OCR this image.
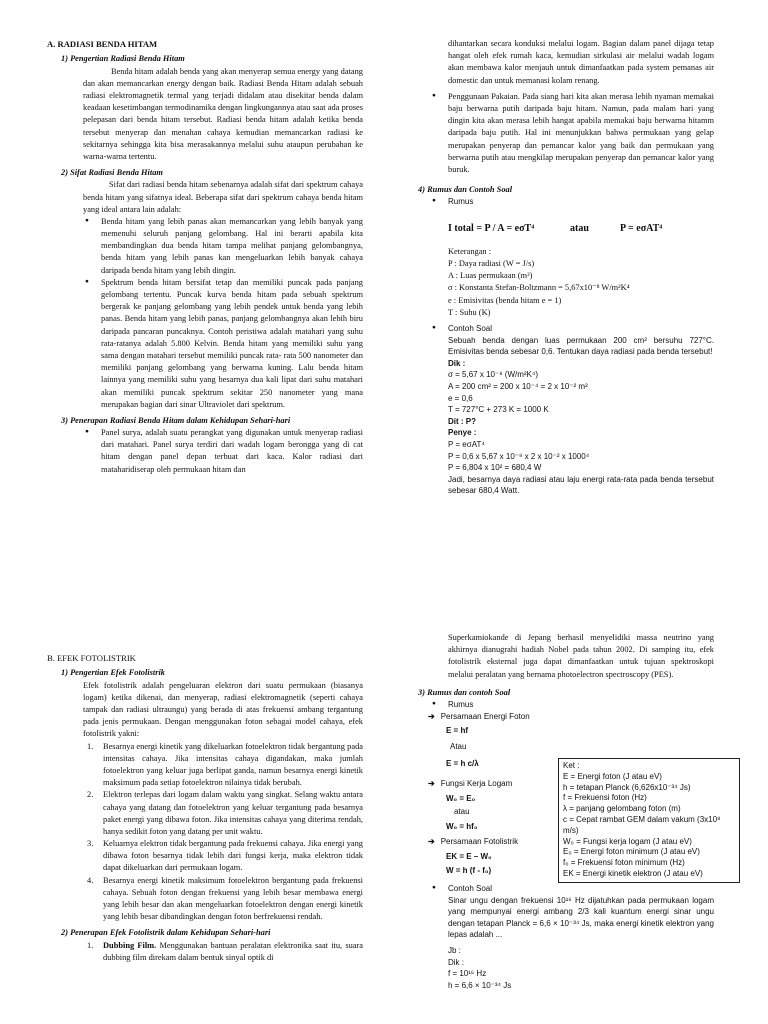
A. RADIASI BENDA HITAM
1) Pengertian Radiasi Benda Hitam

Benda hitam adalah benda yang akan menyerap semua energy yang datang dan akan memancarkan energy dengan baik. Radiasi Benda Hitam adalah sebuah radiasi elektromagnetik termal yang terjadi didalam atau disekitar benda dalam keadaan kesetimbangan termodinamika dengan lingkungannya atau saat ada proses pelepasan dari benda hitam tersebut. Radiasi benda hitam adalah ketika benda tersebut menyerap dan menahan cahaya kemudian memancarkan radiasi ke sekitarnya sehingga kita bisa merasakannya melalui suhu ataupun perubahan ke warna-warna tertentu.

2) Sifat Radiasi Benda Hitam

Sifat dari radiasi benda hitam sebenarnya adalah sifat dari spektrum cahaya benda hitam yang sifatnya ideal. Beberapa sifat dari spektrum cahaya benda hitam yang ideal antara lain adalah:

● Benda hitam yang lebih panas akan memancarkan yang lebih banyak yang memenuhi seluruh panjang gelombang. Hal ini berarti apabila kita membandingkan dua benda hitam tampa melihat panjang gelombangnya, benda hitam yang lebih panas kan mengeluarkan lebih banyak cahaya daripada benda hitam yang lebih dingin.
● Spektrum benda hitam bersifat tetap dan memiliki puncak pada panjang gelombang tertentu. Puncak kurva benda hitam pada sebuah spektrum bergerak ke panjang gelombang yang lebih pendek untuk benda yang lebih panas. Benda hitam yang lebih panas, panjang gelombangnya akan lebih biru daripada pancaran puncaknya. Contoh peristiwa adalah matahari yang suhu rata-ratanya adalah 5.800 Kelvin. Benda hitam yang memiliki suhu yang sama dengan matahari tersebut memiliki puncak rata- rata 500 nanometer dan memiliki panjang gelombang yang berwarna kuning. Lalu benda hitam lainnya yang memiliki suhu yang besarnya dua kali lipat dari suhu matahari akan memiliki puncak spektrum sekitar 250 nanometer yang mana merupakan bagian dari sinar Ultraviolet dari spektrum.
3) Penerapan Radiasi Benda Hitam dalam Kehidupan Sehari-hari
● Panel surya, adalah suatu perangkat yang digunakan untuk menyerap radiasi dari matahari. Panel surya terdiri dari wadah logam berongga yang di cat hitam dengan panel depan terbuat dari kaca. Kalor radiasi dari mataharidiserap oleh permukaan hitam dan

dihantarkan secara konduksi melalui logam. Bagian dalam panel dijaga tetap hangat oleh efek rumah kaca, kemudian sirkulasi air melalui wadah logam akan membawa kalor menjauh untuk dimanfaatkan pada system pemanas air domestic dan untuk memanasi kolam renang.

● Penggunaan Pakaian. Pada siang hari kita akan merasa lebih nyaman memakai baju berwarna putih daripada baju hitam. Namun, pada malam hari yang dingin kita akan merasa lebih hangat apabila memakai baju berwarna hitamm daripada baju putih. Hal ini menunjukkan bahwa permukaan yang gelap merupakan penyerap dan pemancar kalor yang baik dan permukaan yang berwarna putih atau mengkilap merupakan penyerap dan pemancar kalor yang buruk.
4) Rumus dan Contoh Soal
● Rumus
I total = P / A = eσT⁴	atau	P = eσAT⁴
Keterangan :
P : Daya radiasi (W = J/s)
A : Luas permukaan (m²)
σ : Konstanta Stefan-Boltzmann = 5,67x10⁻⁸ W/m²K⁴
e : Emisivitas (benda hitam e = 1)
T : Suhu (K)
● Contoh Soal

Sebuah benda dengan luas permukaan 200 cm² bersuhu 727°C. Emisivitas benda sebesar 0,6. Tentukan daya radiasi pada benda tersebut!

Dik :
σ = 5,67 x 10⁻⁸ (W/m²K⁴)
A = 200 cm² = 200 x 10⁻⁴ = 2 x 10⁻² m²
e = 0,6
T = 727°C + 273 K = 1000 K
Dit : P?
Penye :
P = eσAT⁴
P = 0,6 x 5,67 x 10⁻⁸ x 2 x 10⁻² x 1000⁴
P = 6,804 x 10² = 680,4 W

Jadi, besarnya daya radiasi atau laju energi rata-rata pada benda tersebut sebesar 680,4 Watt.

B. EFEK FOTOLISTRIK
1) Pengertian Efek Fotolistrik

Efek fotolistrik adalah pengeluaran elektron dari suatu permukaan (biasanya logam) ketika dikenai, dan menyerap, radiasi elektromagnetik (seperti cahaya tampak dan radiasi ultraungu) yang berada di atas frekuensi ambang tergantung pada jenis permukaan. Dengan menggunakan foton sebagai model cahaya, efek fotolistrik yakni:

1. Besarnya energi kinetik yang dikeluarkan fotoelektron tidak bergantung pada intensitas cahaya. Jika intensitas cahaya digandakan, maka jumlah fotoelektron yang keluar juga berlipat ganda, namun besarnya energi kinetik maksimum pada setiap fotoelektron nilainya tidak berubah.
2. Elektron terlepas dari logam dalam waktu yang singkat. Selang waktu antara cahaya yang datang dan fotoelektron yang keluar tergantung pada besarnya paket energi yang dibawa foton. Jika intensitas cahaya yang diterima rendah, hanya sedikit foton yang datang per unit waktu.
3. Keluarnya elektron tidak bergantung pada frekuensi cahaya. Jika energi yang dibawa foton besarnya tidak lebih dari fungsi kerja, maka elektron tidak dapat dikeluarkan dari permukaan logam.
4. Besarnya energi kinetik maksimum fotoelektron bergantung pada frekuensi cahaya. Sebuah foton dengan frekuensi yang lebih besar membawa energi yang lebih besar dan akan mengeluarkan fotoelektron dengan energi kinetik yang lebih besar dibandingkan dengan foton berfrekuensi rendah.
2) Penerapan Efek Fotolistrik dalam Kehidupan Sehari-hari
1. Dubbing Film. Menggunakan bantuan peralatan elektronika saat itu, suara dubbing film direkam dalam bentuk sinyal optik di

Superkamiokande di Jepang berhasil menyelidiki massa neutrino yang akhirnya dianugrahi hadiah Nobel pada tahun 2002. Di samping itu, efek fotolistrik eksternal juga dapat dimanfaatkan untuk tujuan spektroskopi melalui peralatan yang bernama photoelectron spectroscopy (PES).

3) Rumus dan contoh Soal
● Rumus
➔ Persamaan Energi Foton
E = hf
Atau
E = h c/λ
➔ Fungsi Kerja Logam
W₀ = E₀
atau
W₀ = hf₀
➔ Persamaan Fotolistrik
EK = E – W₀
W = h (f - f₀)
● Contoh Soal

Sinar ungu dengan frekuensi 10¹⁶ Hz dijatuhkan pada permukaan logam yang mempunyai energi ambang 2/3 kali kuantum energi sinar ungu dengan tetapan Planck = 6,6 × 10⁻³⁴ Js, maka energi kinetik elektron yang lepas adalah ...

Jb :
Dik :
f = 10¹⁶ Hz
h = 6,6 × 10⁻³⁴ Js
Ket :
E = Energi foton (J atau eV)
h = tetapan Planck (6,626x10⁻³⁴ Js)
f = Frekuensi foton (Hz)
λ = panjang gelombang foton (m)
c = Cepat rambat GEM dalam vakum (3x10⁸ m/s)
W₀ = Fungsi kerja logam (J atau eV)
E₀ = Energi foton minimum (J atau eV)
f₀ = Frekuensi foton minimum (Hz)
EK = Energi kinetik elektron (J atau eV)
